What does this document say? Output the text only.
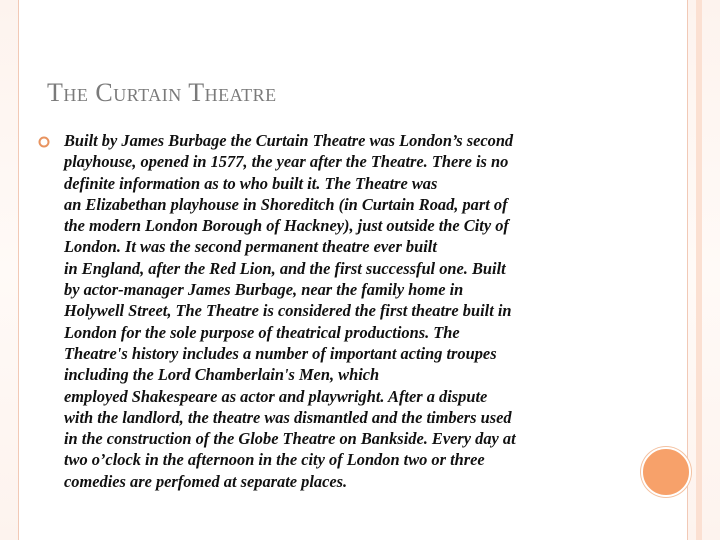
The Curtain Theatre
Built by James Burbage the Curtain Theatre was London’s second
playhouse, opened in 1577, the year after the Theatre. There is no
definite information as to who built it. The Theatre was
an Elizabethan playhouse in Shoreditch (in Curtain Road, part of
the modern London Borough of Hackney), just outside the City of
London. It was the second permanent theatre ever built
in England, after the Red Lion, and the first successful one. Built
by actor-manager James Burbage, near the family home in
Holywell Street, The Theatre is considered the first theatre built in
London for the sole purpose of theatrical productions. The
Theatre's history includes a number of important acting troupes
including the Lord Chamberlain's Men, which
employed Shakespeare as actor and playwright. After a dispute
with the landlord, the theatre was dismantled and the timbers used
in the construction of the Globe Theatre on Bankside. Every day at
two o’clock in the afternoon in the city of London two or three
comedies are perfomed at separate places.
